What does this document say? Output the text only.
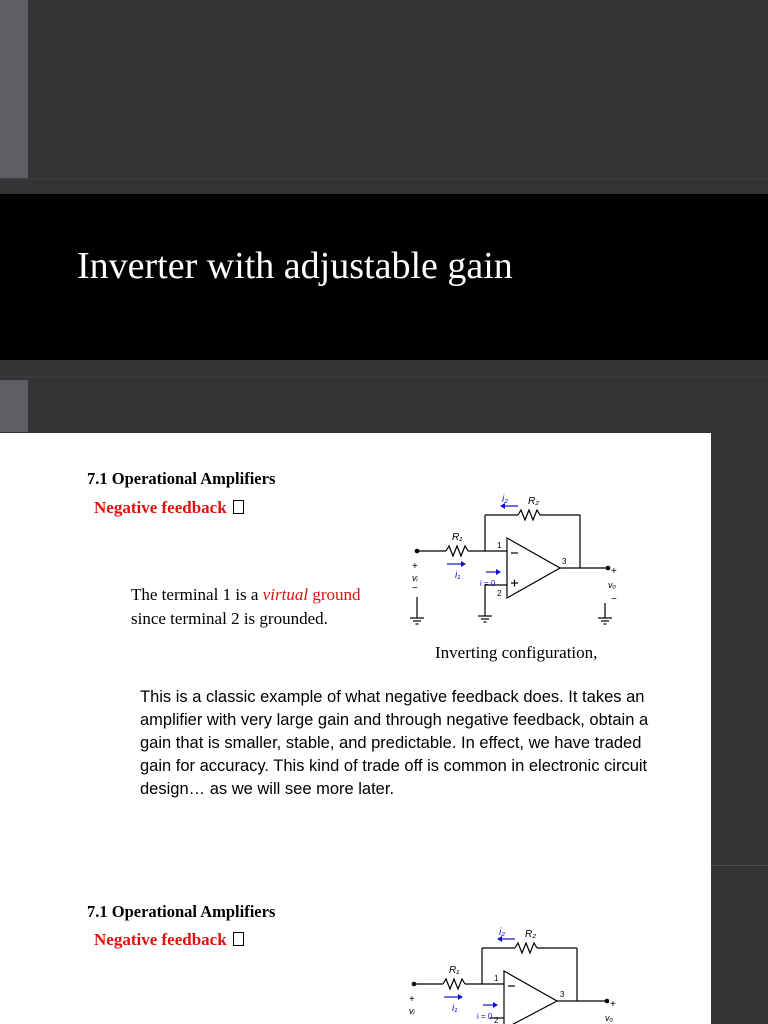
Inverter with adjustable gain
7.1 Operational Amplifiers
Negative feedback
The terminal 1 is a virtual ground
since terminal 2 is grounded.
Inverting configuration,
This is a classic example of what negative feedback does. It takes an amplifier with very large gain and through negative feedback, obtain a gain that is smaller, stable, and predictable. In effect, we have traded gain for accuracy. This kind of trade off is common in electronic circuit design… as we will see more later.
R₂
R₁
i₂
i₁
i = 0
1
2
3
+
−
vᵢ
+
−
vₒ
7.1 Operational Amplifiers
Negative feedback	R₂
R₁
i₂
i₁
i = 0
1
2
3
+
vᵢ
+
vₒ
